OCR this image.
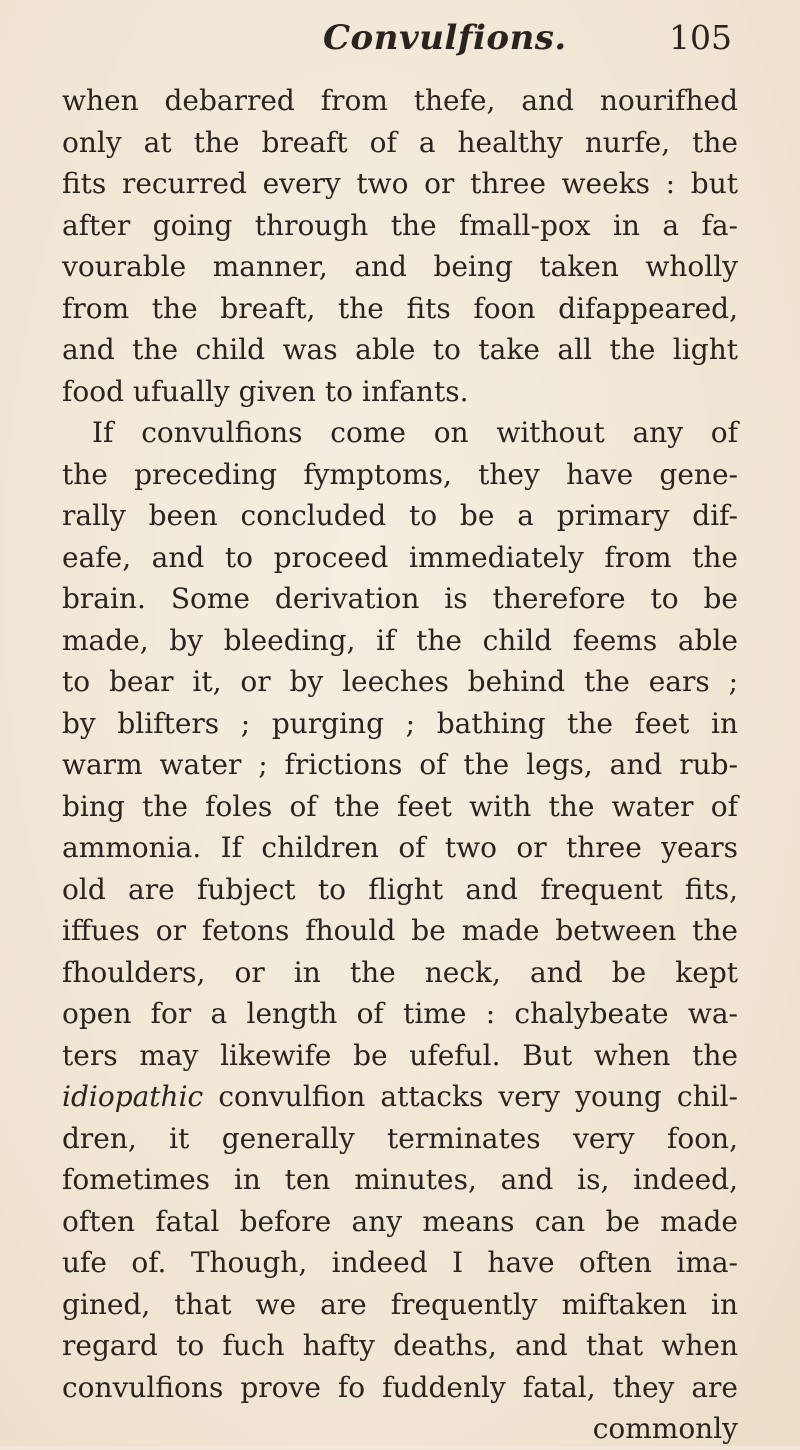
Convulfions.	105
when debarred from thefe, and nourifhed
only at the breaft of a healthy nurfe, the
fits recurred every two or three weeks : but
after going through the fmall-pox in a fa-
vourable manner, and being taken wholly
from the breaft, the fits foon difappeared,
and the child was able to take all the light
food ufually given to infants.
If convulfions come on without any of
the preceding fymptoms, they have gene-
rally been concluded to be a primary dif-
eafe, and to proceed immediately from the
brain. Some derivation is therefore to be
made, by bleeding, if the child feems able
to bear it, or by leeches behind the ears ;
by blifters ; purging ; bathing the feet in
warm water ; frictions of the legs, and rub-
bing the foles of the feet with the water of
ammonia. If children of two or three years
old are fubject to flight and frequent fits,
iffues or fetons fhould be made between the
fhoulders, or in the neck, and be kept
open for a length of time : chalybeate wa-
ters may likewife be ufeful. But when the
idiopathic convulfion attacks very young chil-
dren, it generally terminates very foon,
fometimes in ten minutes, and is, indeed,
often fatal before any means can be made
ufe of. Though, indeed I have often ima-
gined, that we are frequently miftaken in
regard to fuch hafty deaths, and that when
convulfions prove fo fuddenly fatal, they are
commonly
